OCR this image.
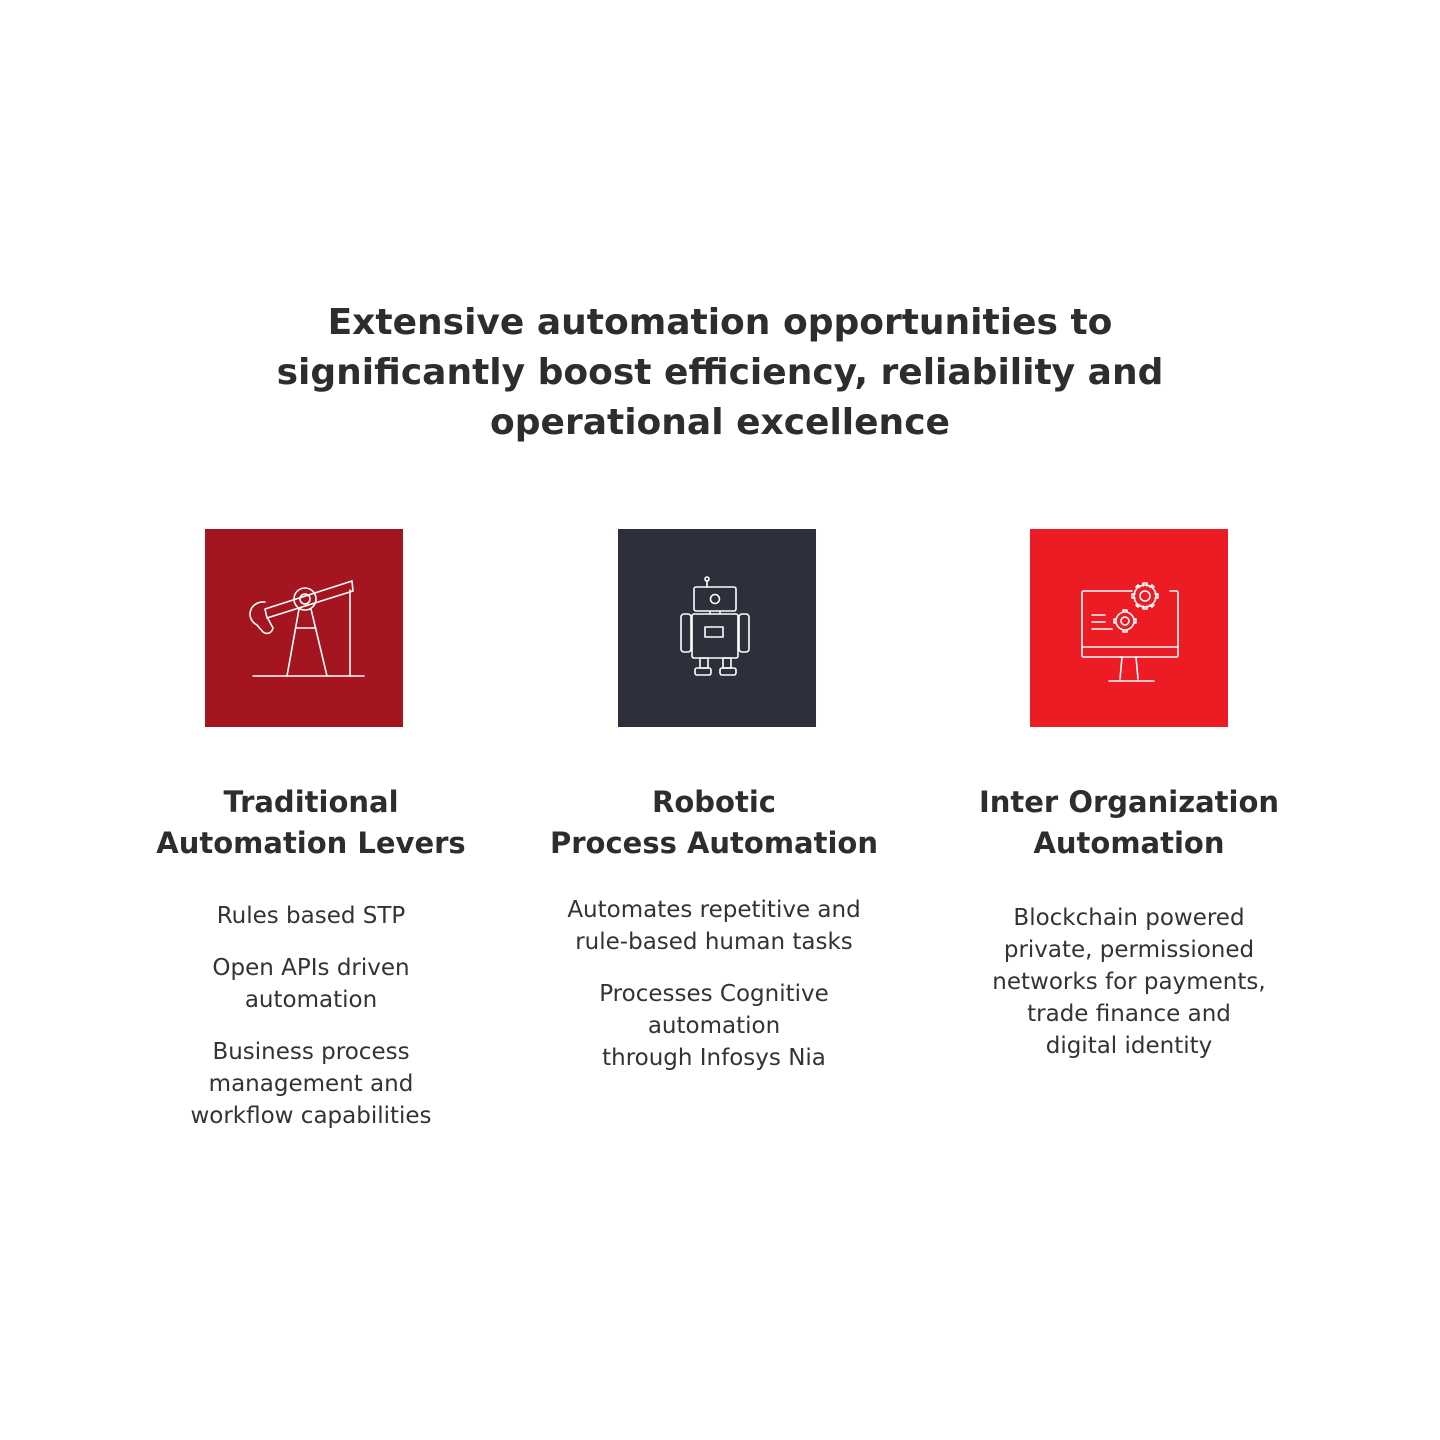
Extensive automation opportunities to
significantly boost efficiency, reliability and
operational excellence
Traditional
Automation Levers
Rules based STP
Open APIs driven
automation
Business process
management and
workflow capabilities
Robotic
Process Automation
Automates repetitive and
rule-based human tasks
Processes Cognitive
automation
through Infosys Nia
Inter Organization
Automation
Blockchain powered
private, permissioned
networks for payments,
trade finance and
digital identity
